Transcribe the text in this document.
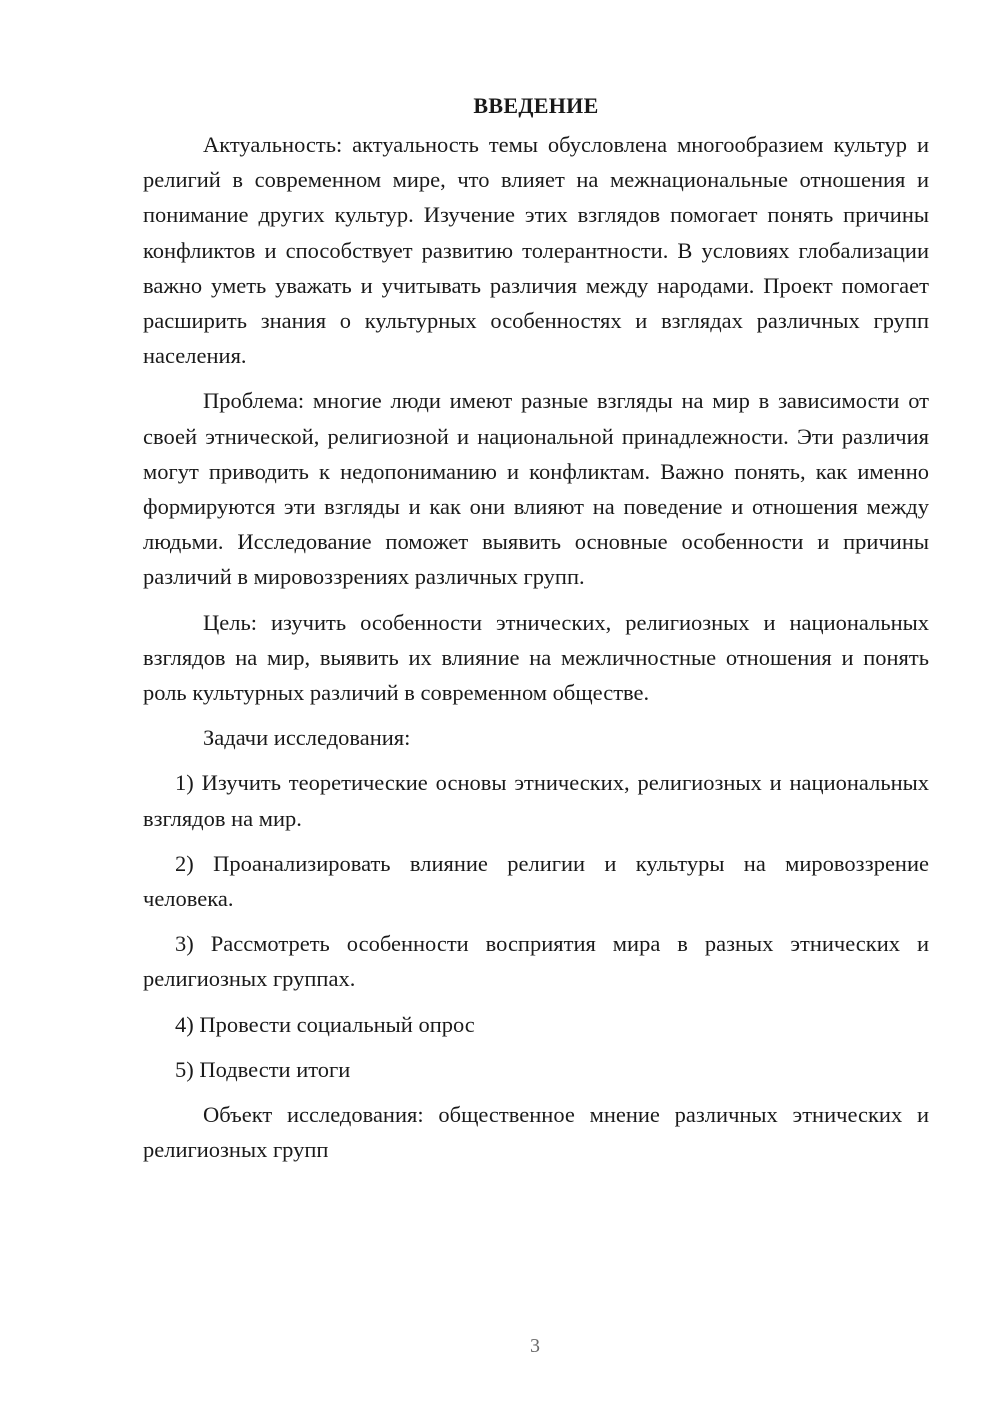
ВВЕДЕНИЕ

Актуальность: актуальность темы обусловлена многообразием культур и религий в современном мире, что влияет на межнациональные отношения и понимание других культур. Изучение этих взглядов помогает понять причины конфликтов и способствует развитию толерантности. В условиях глобализации важно уметь уважать и учитывать различия между народами. Проект помогает расширить знания о культурных особенностях и взглядах различных групп населения.

Проблема: многие люди имеют разные взгляды на мир в зависимости от своей этнической, религиозной и национальной принадлежности. Эти различия могут приводить к недопониманию и конфликтам. Важно понять, как именно формируются эти взгляды и как они влияют на поведение и отношения между людьми. Исследование поможет выявить основные особенности и причины различий в мировоззрениях различных групп.

Цель: изучить особенности этнических, религиозных и национальных взглядов на мир, выявить их влияние на межличностные отношения и понять роль культурных различий в современном обществе.

Задачи исследования:

1) Изучить теоретические основы этнических, религиозных и национальных взглядов на мир.

2) Проанализировать влияние религии и культуры на мировоззрение человека.

3) Рассмотреть особенности восприятия мира в разных этнических и религиозных группах.

4) Провести социальный опрос

5) Подвести итоги

Объект исследования: общественное мнение различных этнических и религиозных групп

3
